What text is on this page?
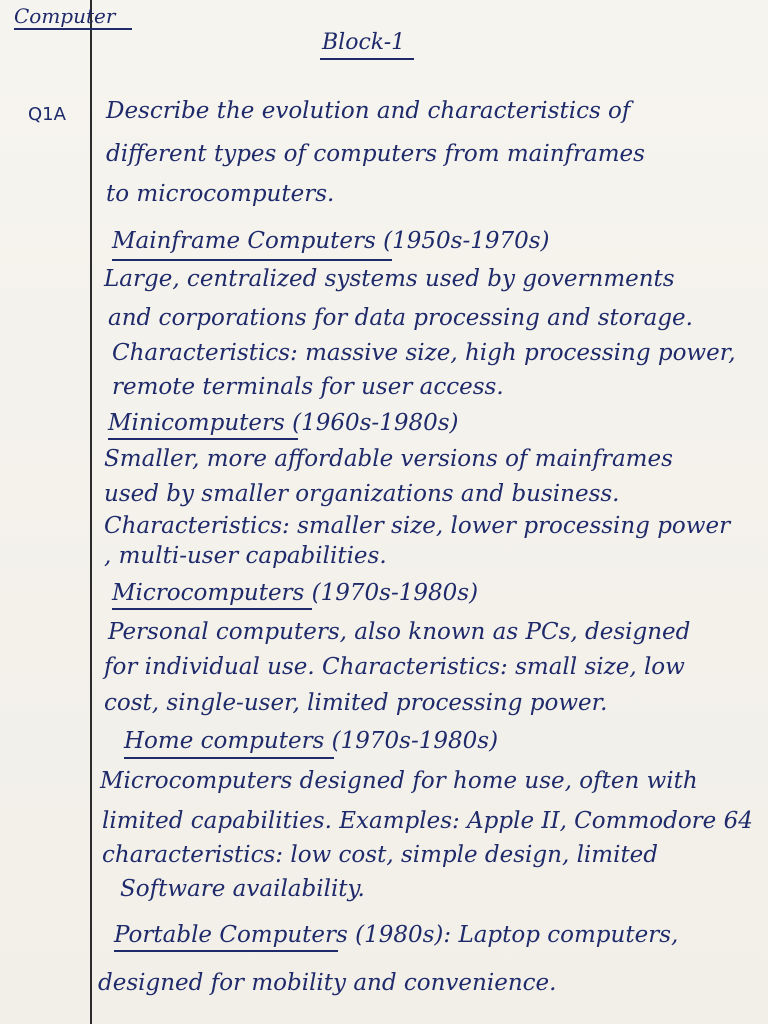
Computer
Block-1
Q1A Describe the evolution and characteristics of
different types of computers from mainframes
to microcomputers.
Mainframe Computers (1950s-1970s)
Large, centralized systems used by governments
and corporations for data processing and storage.
Characteristics: massive size, high processing power,
remote terminals for user access.
Minicomputers (1960s-1980s)
Smaller, more affordable versions of mainframes
used by smaller organizations and business.
Characteristics: smaller size, lower processing power
, multi-user capabilities.
Microcomputers (1970s-1980s)
Personal computers, also known as PCs, designed
for individual use. Characteristics: small size, low
cost, single-user, limited processing power.
Home computers (1970s-1980s)
Microcomputers designed for home use, often with
limited capabilities. Examples: Apple II, Commodore 64
characteristics: low cost, simple design, limited
Software availability.
Portable Computers (1980s): Laptop computers,
designed for mobility and convenience.
